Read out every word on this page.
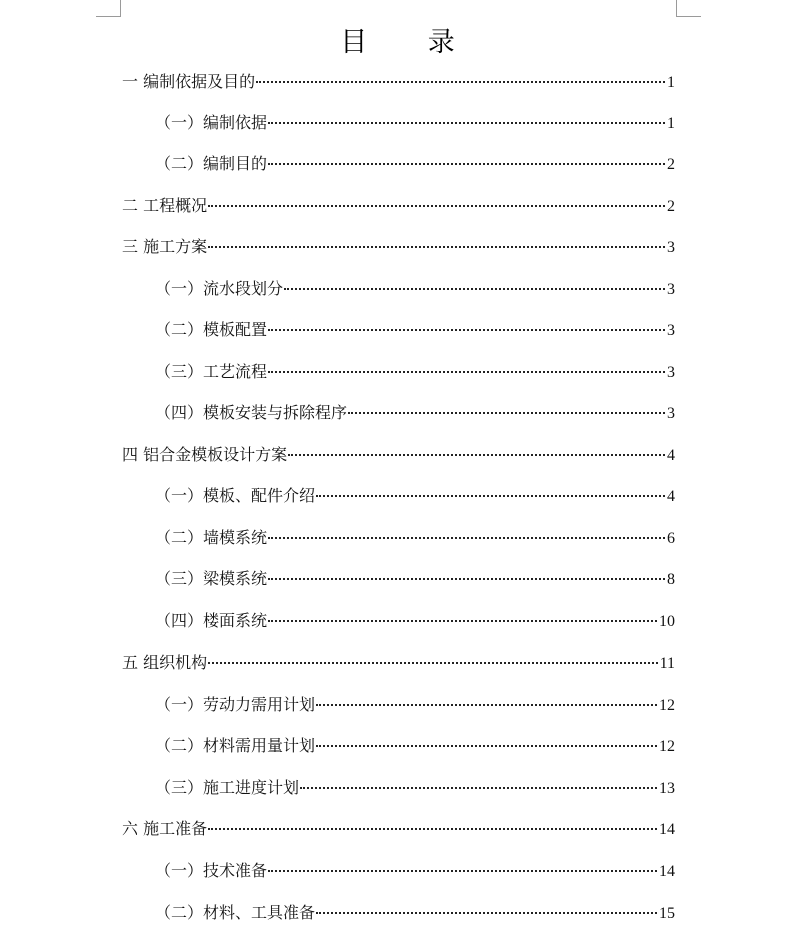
目 录
一 编制依据及目的	1
（一）编制依据	1
（二）编制目的	2
二 工程概况	2
三 施工方案	3
（一）流水段划分	3
（二）模板配置	3
（三）工艺流程	3
（四）模板安装与拆除程序	3
四 铝合金模板设计方案	4
（一）模板、配件介绍	4
（二）墙模系统	6
（三）梁模系统	8
（四）楼面系统	10
五 组织机构	11
（一）劳动力需用计划	12
（二）材料需用量计划	12
（三）施工进度计划	13
六 施工准备	14
（一）技术准备	14
（二）材料、工具准备	15
